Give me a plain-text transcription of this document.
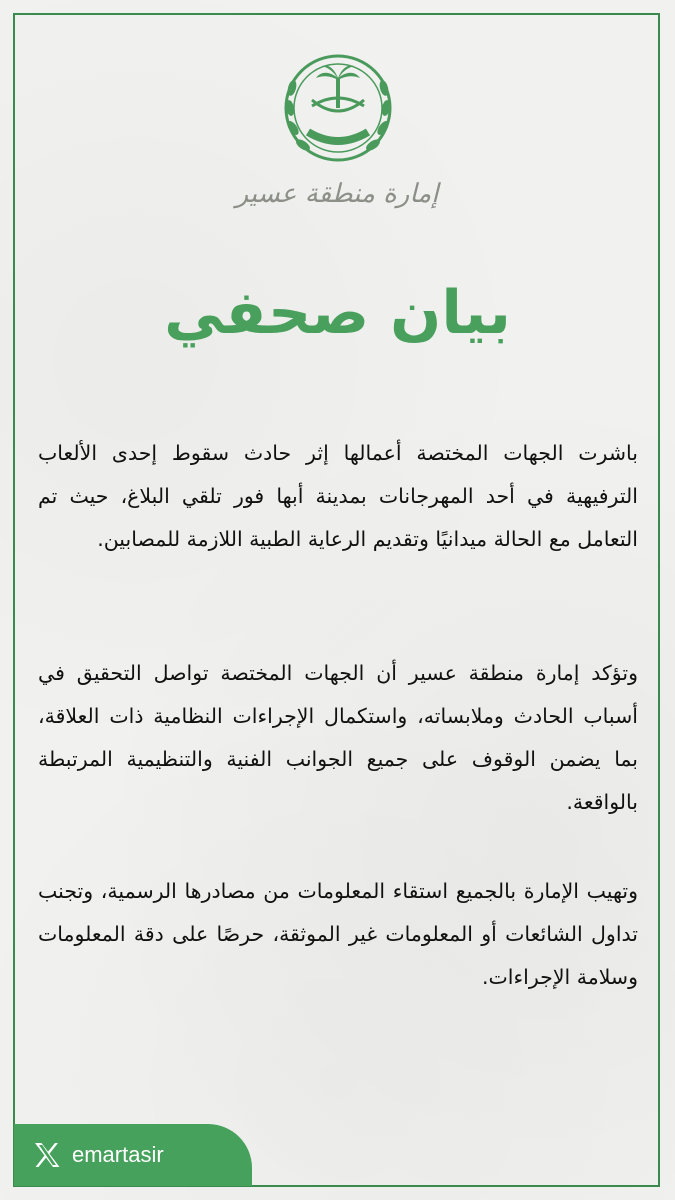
إمارة منطقة عسير
بيان صحفي
باشرت الجهات المختصة أعمالها إثر حادث سقوط إحدى الألعاب الترفيهية في أحد المهرجانات بمدينة أبها فور تلقي البلاغ، حيث تم التعامل مع الحالة ميدانيًا وتقديم الرعاية الطبية اللازمة للمصابين.
وتؤكد إمارة منطقة عسير أن الجهات المختصة تواصل التحقيق في أسباب الحادث وملابساته، واستكمال الإجراءات النظامية ذات العلاقة، بما يضمن الوقوف على جميع الجوانب الفنية والتنظيمية المرتبطة بالواقعة.
وتهيب الإمارة بالجميع استقاء المعلومات من مصادرها الرسمية، وتجنب تداول الشائعات أو المعلومات غير الموثقة، حرصًا على دقة المعلومات وسلامة الإجراءات.
emartasir
